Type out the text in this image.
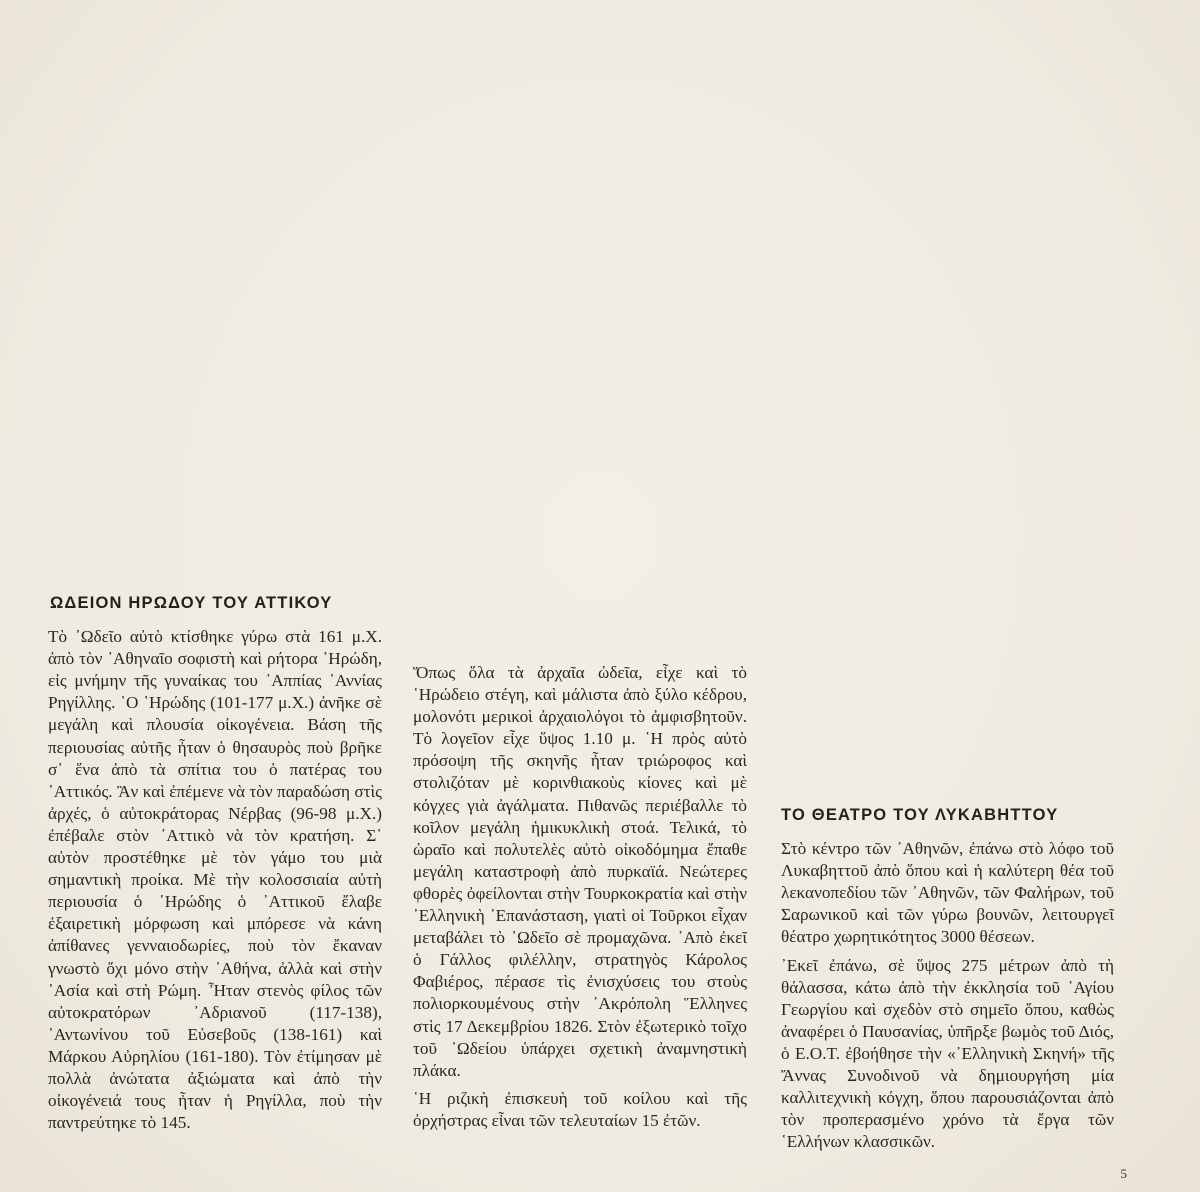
ΩΔΕΙΟΝ ΗΡΩΔΟΥ ΤΟΥ ΑΤΤΙΚΟΥ

Τὸ ᾿Ωδεῖο αὐτὸ κτίσθηκε γύρω στὰ 161 μ.Χ. ἀπὸ τὸν ᾿Αθηναῖο σοφιστὴ καὶ ρήτορα ῾Ηρώδη, εἰς μνήμην τῆς γυναίκας του ᾿Αππίας ᾿Αννίας Ρηγίλλης. ῾Ο ῾Ηρώδης (101-177 μ.Χ.) ἀνῆκε σὲ μεγάλη καὶ πλουσία οἰκογένεια. Βάση τῆς περιουσίας αὐτῆς ἦταν ὁ θησαυρὸς ποὺ βρῆκε σ᾿ ἕνα ἀπὸ τὰ σπίτια του ὁ πατέρας του ᾿Αττικός. Ἂν καὶ ἐπέμενε νὰ τὸν παραδώση στὶς ἀρχές, ὁ αὐτοκράτορας Νέρβας (96-98 μ.Χ.) ἐπέβαλε στὸν ᾿Αττικὸ νὰ τὸν κρατήση. Σ᾿ αὐτὸν προστέθηκε μὲ τὸν γάμο του μιὰ σημαντικὴ προίκα. Μὲ τὴν κολοσσιαία αὐτὴ περιουσία ὁ ῾Ηρώδης ὁ ᾿Αττικοῦ ἔλαβε ἐξαιρετικὴ μόρφωση καὶ μπόρεσε νὰ κάνη ἀπίθανες γενναιοδωρίες, ποὺ τὸν ἔκαναν γνωστὸ ὄχι μόνο στὴν ᾿Αθήνα, ἀλλὰ καὶ στὴν ᾿Ασία καὶ στὴ Ρώμη. Ἦταν στενὸς φίλος τῶν αὐτοκρατόρων ᾿Αδριανοῦ (117-138), ᾿Αντωνίνου τοῦ Εὐσεβοῦς (138-161) καὶ Μάρκου Αὐρηλίου (161-180). Τὸν ἐτίμησαν μὲ πολλὰ ἀνώτατα ἀξιώματα καὶ ἀπὸ τὴν οἰκογένειά τους ἦταν ἡ Ρηγίλλα, ποὺ τὴν παντρεύτηκε τὸ 145.

Ὅπως ὅλα τὰ ἀρχαῖα ὠδεῖα, εἶχε καὶ τὸ ῾Ηρώδειο στέγη, καὶ μάλιστα ἀπὸ ξύλο κέδρου, μολονότι μερικοὶ ἀρχαιολόγοι τὸ ἀμφισβητοῦν. Τὸ λογεῖον εἶχε ὕψος 1.10 μ. ῾Η πρὸς αὐτὸ πρόσοψη τῆς σκηνῆς ἦταν τριώροφος καὶ στολιζόταν μὲ κορινθιακοὺς κίονες καὶ μὲ κόγχες γιὰ ἀγάλματα. Πιθανῶς περιέβαλλε τὸ κοῖλον μεγάλη ἡμικυκλικὴ στοά. Τελικά, τὸ ὡραῖο καὶ πολυτελὲς αὐτὸ οἰκοδόμημα ἔπαθε μεγάλη καταστροφὴ ἀπὸ πυρκαϊά. Νεώτερες φθορὲς ὀφείλονται στὴν Τουρκοκρατία καὶ στὴν ᾿Ελληνικὴ ᾿Επανάσταση, γιατὶ οἱ Τοῦρκοι εἶχαν μεταβάλει τὸ ᾿Ωδεῖο σὲ προμαχῶνα. ᾿Απὸ ἐκεῖ ὁ Γάλλος φιλέλλην, στρατηγὸς Κάρολος Φαβιέρος, πέρασε τὶς ἐνισχύσεις του στοὺς πολιορκουμένους στὴν ᾿Ακρόπολη Ἕλληνες στὶς 17 Δεκεμβρίου 1826. Στὸν ἐξωτερικὸ τοῖχο τοῦ ᾿Ωδείου ὑπάρχει σχετικὴ ἀναμνηστικὴ πλάκα.

῾Η ριζικὴ ἐπισκευὴ τοῦ κοίλου καὶ τῆς ὀρχήστρας εἶναι τῶν τελευταίων 15 ἐτῶν.

ΤΟ ΘΕΑΤΡΟ ΤΟΥ ΛΥΚΑΒΗΤΤΟΥ

Στὸ κέντρο τῶν ᾿Αθηνῶν, ἐπάνω στὸ λόφο τοῦ Λυκαβηττοῦ ἀπὸ ὅπου καὶ ἡ καλύτερη θέα τοῦ λεκανοπεδίου τῶν ᾿Αθηνῶν, τῶν Φαλήρων, τοῦ Σαρωνικοῦ καὶ τῶν γύρω βουνῶν, λειτουργεῖ θέατρο χωρητικότητος 3000 θέσεων.

᾿Εκεῖ ἐπάνω, σὲ ὕψος 275 μέτρων ἀπὸ τὴ θάλασσα, κάτω ἀπὸ τὴν ἐκκλησία τοῦ ῾Αγίου Γεωργίου καὶ σχεδὸν στὸ σημεῖο ὅπου, καθὼς ἀναφέρει ὁ Παυσανίας, ὑπῆρξε βωμὸς τοῦ Διός, ὁ Ε.Ο.Τ. ἐβοήθησε τὴν «᾿Ελληνικὴ Σκηνή» τῆς Ἄννας Συνοδινοῦ νὰ δημιουργήση μία καλλιτεχνικὴ κόγχη, ὅπου παρουσιάζονται ἀπὸ τὸν προπερασμένο χρόνο τὰ ἔργα τῶν ῾Ελλήνων κλασσικῶν.

5
